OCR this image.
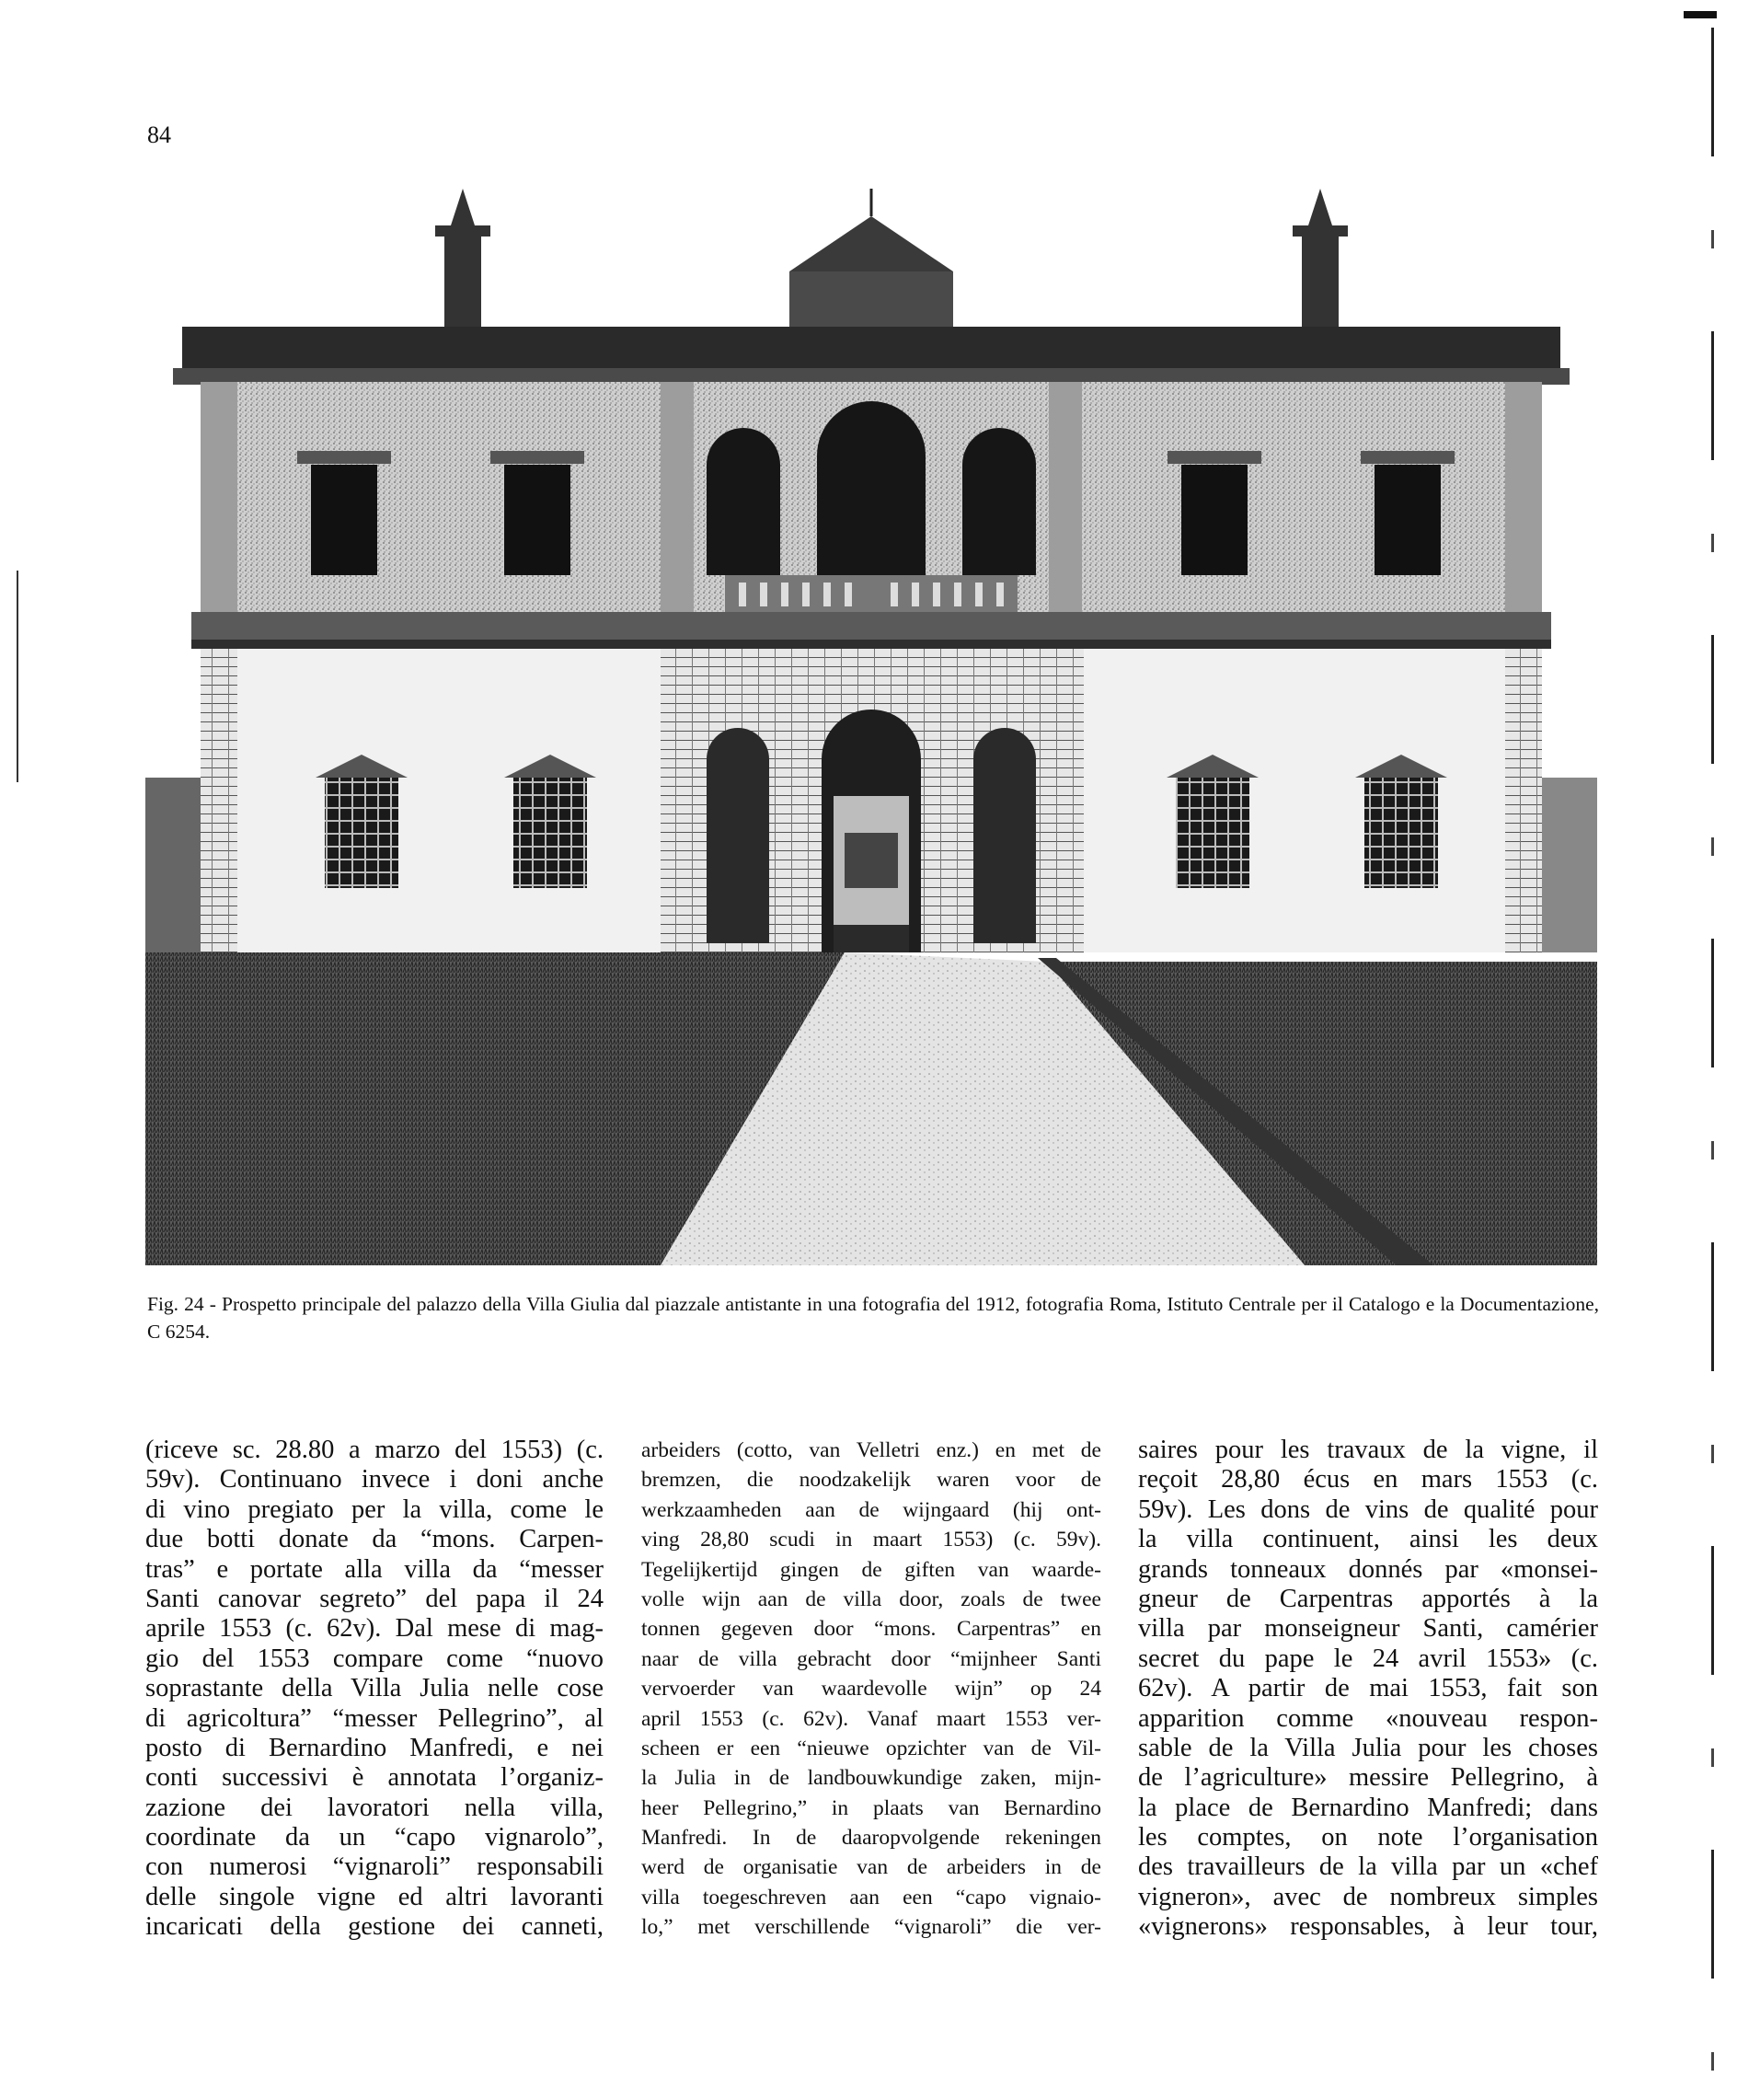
84
Fig. 24 - Prospetto principale del palazzo della Villa Giulia dal piazzale antistante in una fotografia del 1912, fotografia Roma, Istituto Centrale per il Catalogo e la Documentazione, C 6254.
(riceve sc. 28.80 a marzo del 1553) (c.
59v). Continuano invece i doni anche
di vino pregiato per la villa, come le
due botti donate da “mons. Carpen-
tras” e portate alla villa da “messer
Santi canovar segreto” del papa il 24
aprile 1553 (c. 62v). Dal mese di mag-
gio del 1553 compare come “nuovo
soprastante della Villa Julia nelle cose
di agricoltura” “messer Pellegrino”, al
posto di Bernardino Manfredi, e nei
conti successivi è annotata l’organiz-
zazione dei lavoratori nella villa,
coordinate da un “capo vignarolo”,
con numerosi “vignaroli” responsabili
delle singole vigne ed altri lavoranti
incaricati della gestione dei canneti,
arbeiders (cotto, van Velletri enz.) en met de
bremzen, die noodzakelijk waren voor de
werkzaamheden aan de wijngaard (hij ont-
ving 28,80 scudi in maart 1553) (c. 59v).
Tegelijkertijd gingen de giften van waarde-
volle wijn aan de villa door, zoals de twee
tonnen gegeven door “mons. Carpentras” en
naar de villa gebracht door “mijnheer Santi
vervoerder van waardevolle wijn” op 24
april 1553 (c. 62v). Vanaf maart 1553 ver-
scheen er een “nieuwe opzichter van de Vil-
la Julia in de landbouwkundige zaken, mijn-
heer Pellegrino,” in plaats van Bernardino
Manfredi. In de daaropvolgende rekeningen
werd de organisatie van de arbeiders in de
villa toegeschreven aan een “capo vignaio-
lo,” met verschillende “vignaroli” die ver-
saires pour les travaux de la vigne, il
reçoit 28,80 écus en mars 1553 (c.
59v). Les dons de vins de qualité pour
la villa continuent, ainsi les deux
grands tonneaux donnés par «monsei-
gneur de Carpentras apportés à la
villa par monseigneur Santi, camérier
secret du pape le 24 avril 1553» (c.
62v). A partir de mai 1553, fait son
apparition comme «nouveau respon-
sable de la Villa Julia pour les choses
de l’agriculture» messire Pellegrino, à
la place de Bernardino Manfredi; dans
les comptes, on note l’organisation
des travailleurs de la villa par un «chef
vigneron», avec de nombreux simples
«vignerons» responsables, à leur tour,
